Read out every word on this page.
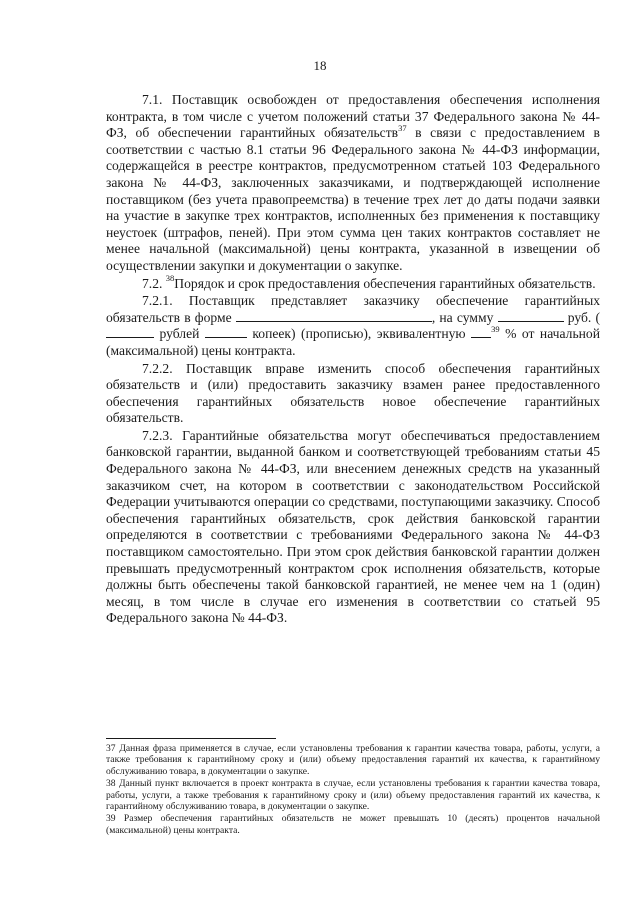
18

7.1. Поставщик освобожден от предоставления обеспечения исполнения контракта, в том числе с учетом положений статьи 37 Федерального закона № 44-ФЗ, об обеспечении гарантийных обязательств$^{37}$ в связи с предоставлением в соответствии с частью 8.1 статьи 96 Федерального закона № 44-ФЗ информации, содержащейся в реестре контрактов, предусмотренном статьей 103 Федерального закона № 44-ФЗ, заключенных заказчиками, и подтверждающей исполнение поставщиком (без учета правопреемства) в течение трех лет до даты подачи заявки на участие в закупке трех контрактов, исполненных без применения к поставщику неустоек (штрафов, пеней). При этом сумма цен таких контрактов составляет не менее начальной (максимальной) цены контракта, указанной в извещении об осуществлении закупки и документации о закупке.

7.2. $^{38}$Порядок и срок предоставления обеспечения гарантийных обязательств.

7.2.1. Поставщик представляет заказчику обеспечение гарантийных обязательств в форме	, на сумму	руб. ( рублей	копеек) (прописью), эквивалентную $^{39}$ % от начальной (максимальной) цены контракта.

7.2.2. Поставщик вправе изменить способ обеспечения гарантийных обязательств и (или) предоставить заказчику взамен ранее предоставленного обеспечения гарантийных обязательств новое обеспечение гарантийных обязательств.

7.2.3. Гарантийные обязательства могут обеспечиваться предоставлением банковской гарантии, выданной банком и соответствующей требованиям статьи 45 Федерального закона № 44-ФЗ, или внесением денежных средств на указанный заказчиком счет, на котором в соответствии с законодательством Российской Федерации учитываются операции со средствами, поступающими заказчику. Способ обеспечения гарантийных обязательств, срок действия банковской гарантии определяются в соответствии с требованиями Федерального закона № 44-ФЗ поставщиком самостоятельно. При этом срок действия банковской гарантии должен превышать предусмотренный контрактом срок исполнения обязательств, которые должны быть обеспечены такой банковской гарантией, не менее чем на 1 (один) месяц, в том числе в случае его изменения в соответствии со статьей 95 Федерального закона № 44-ФЗ.

37 Данная фраза применяется в случае, если установлены требования к гарантии качества товара, работы, услуги, а также требования к гарантийному сроку и (или) объему предоставления гарантий их качества, к гарантийному обслуживанию товара, в документации о закупке.

38 Данный пункт включается в проект контракта в случае, если установлены требования к гарантии качества товара, работы, услуги, а также требования к гарантийному сроку и (или) объему предоставления гарантий их качества, к гарантийному обслуживанию товара, в документации о закупке.

39 Размер обеспечения гарантийных обязательств не может превышать 10 (десять) процентов начальной (максимальной) цены контракта.
